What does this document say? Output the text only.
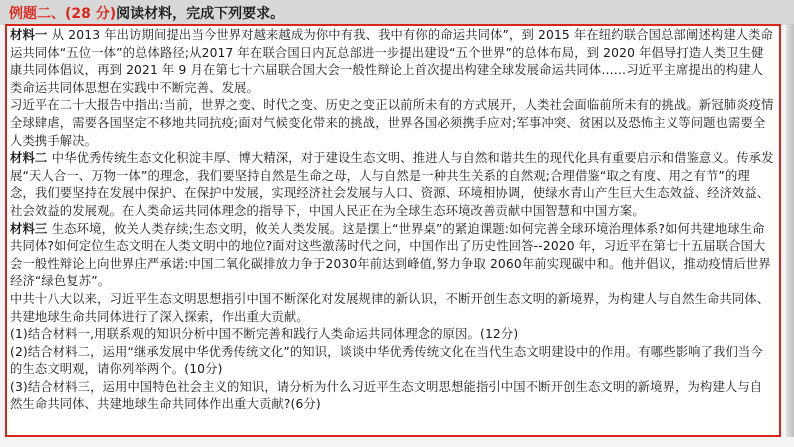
例题二、(28 分)阅读材料，完成下列要求。

材料一 从 2013 年出访期间提出当今世界对越来越成为你中有我、我中有你的命运共同体”，到 2015 年在纽约联合国总部阐述构建人类命运共同体“五位一体”的总体路径;从2017 年在联合国日内瓦总部进一步提出建设“五个世界”的总体布局，到 2020 年倡导打造人类卫生健康共同体倡议，再到 2021 年 9 月在第七十六届联合国大会一般性辩论上首次提出构建全球发展命运共同体……习近平主席提出的构建人类命运共同体思想在实践中不断完善、发展。

习近平在二十大报告中指出:当前，世界之变、时代之变、历史之变正以前所未有的方式展开，人类社会面临前所未有的挑战。新冠肺炎疫情全球肆虐，需要各国坚定不移地共同抗疫;面对气候变化带来的挑战，世界各国必须携手应对;军事冲突、贫困以及恐怖主义等问题也需要全人类携手解决。

材料二 中华优秀传统生态文化积淀丰厚、博大精深，对于建设生态文明、推进人与自然和谐共生的现代化具有重要启示和借鉴意义。传承发展“天人合一、万物一体”的理念，我们要坚持自然是生命之母，人与自然是一种共生关系的自然观;合理借鉴“取之有度、用之有节”的理念，我们要坚持在发展中保护、在保护中发展，实现经济社会发展与人口、资源、环境相协调，使绿水青山产生巨大生态效益、经济效益、社会效益的发展观。在人类命运共同体理念的指导下，中国人民正在为全球生态环境改善贡献中国智慧和中国方案。

材料三 生态环境，攸关人类存续;生态文明，攸关人类发展。这是摆上“世界桌”的紧迫课题:如何完善全球环境治理体系?如何共建地球生命共同体?如何定位生态文明在人类文明中的地位?面对这些激荡时代之问，中国作出了历史性回答--2020 年，习近平在第七十五届联合国大会一般性辩论上向世界庄严承诺:中国二氧化碳排放力争于2030年前达到峰值,努力争取 2060年前实现碳中和。他并倡议，推动疫情后世界经济“绿色复苏”。

中共十八大以来，习近平生态文明思想指引中国不断深化对发展规律的新认识，不断开创生态文明的新境界，为构建人与自然生命共同体、共建地球生命共同体进行了深入探索，作出重大贡献。

(1)结合材料一,用联系观的知识分析中国不断完善和践行人类命运共同体理念的原因。(12分)

(2)结合材料二，运用“继承发展中华优秀传统文化”的知识，谈谈中华优秀传统文化在当代生态文明建设中的作用。有哪些影响了我们当今的生态文明观，请你列举两个。(10分)

(3)结合材料三，运用中国特色社会主义的知识，请分析为什么习近平生态文明思想能指引中国不断开创生态文明的新境界，为构建人与自然生命共同体、共建地球生命共同体作出重大贡献?(6分)
